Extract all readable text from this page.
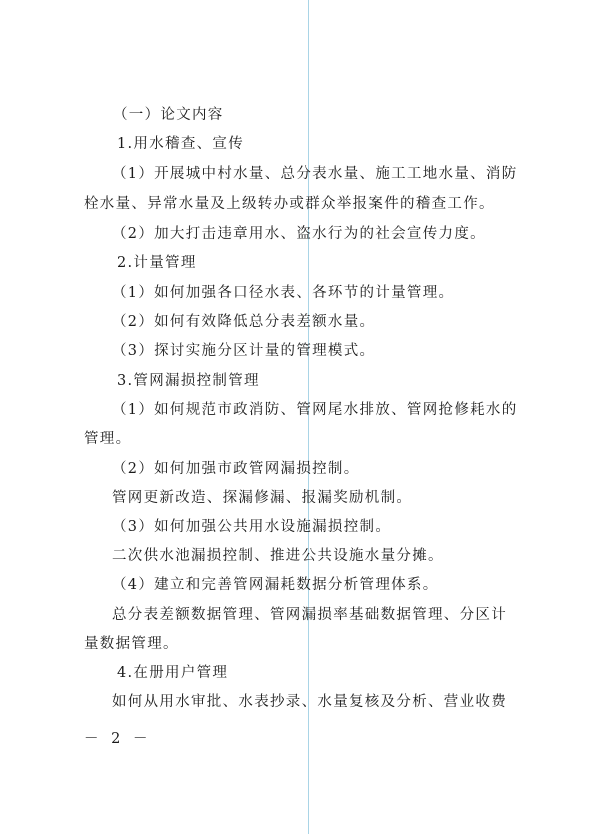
（一）论文内容
1.用水稽查、宣传
（1）开展城中村水量、总分表水量、施工工地水量、消防
栓水量、异常水量及上级转办或群众举报案件的稽查工作。
（2）加大打击违章用水、盗水行为的社会宣传力度。
2.计量管理
（1）如何加强各口径水表、各环节的计量管理。
（2）如何有效降低总分表差额水量。
（3）探讨实施分区计量的管理模式。
3.管网漏损控制管理
（1）如何规范市政消防、管网尾水排放、管网抢修耗水的
管理。
（2）如何加强市政管网漏损控制。
管网更新改造、探漏修漏、报漏奖励机制。
（3）如何加强公共用水设施漏损控制。
二次供水池漏损控制、推进公共设施水量分摊。
（4）建立和完善管网漏耗数据分析管理体系。
总分表差额数据管理、管网漏损率基础数据管理、分区计
量数据管理。
4.在册用户管理
如何从用水审批、水表抄录、水量复核及分析、营业收费
－ 2 －
